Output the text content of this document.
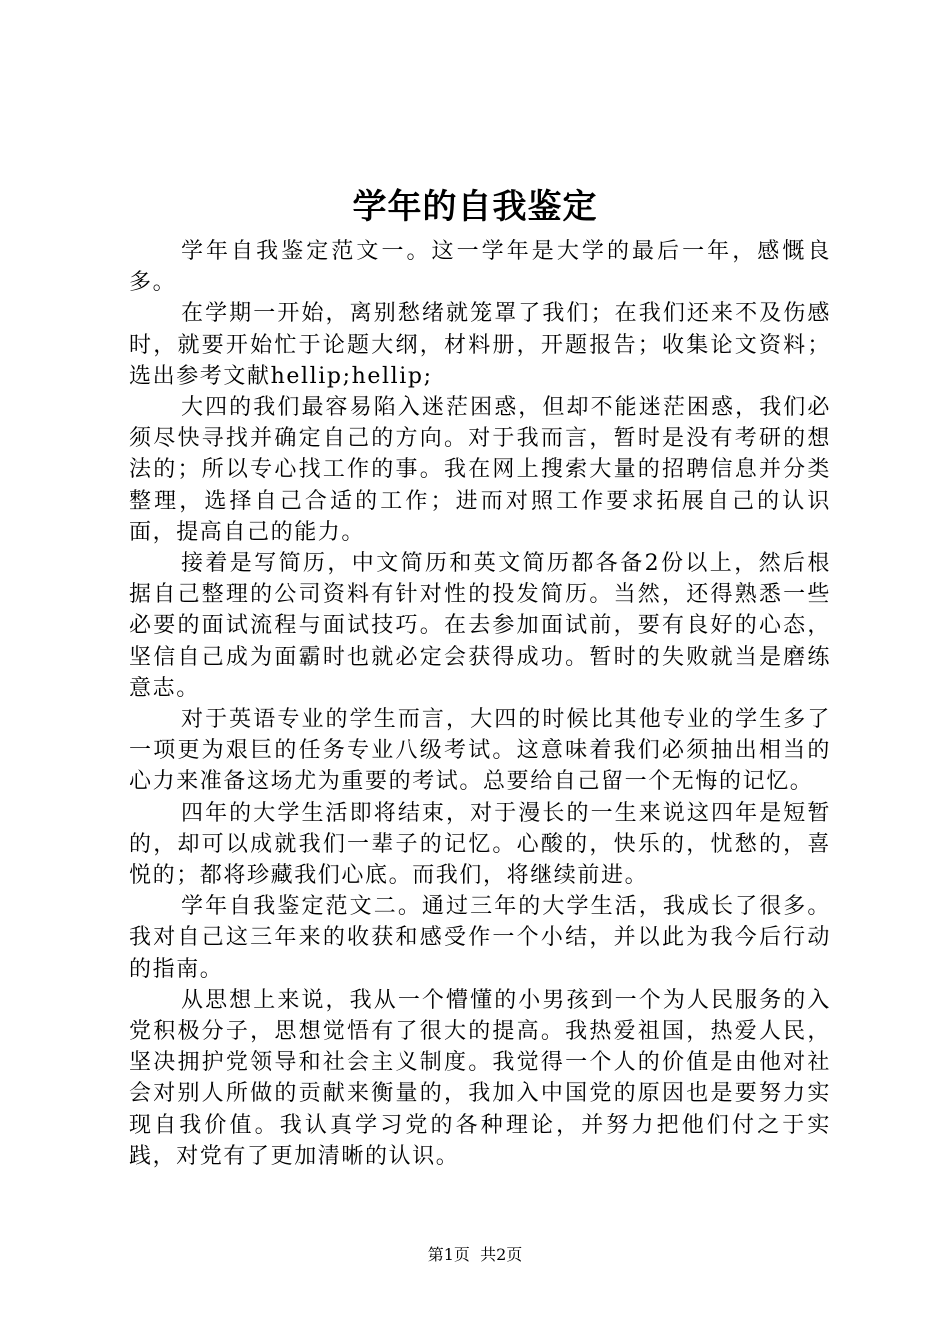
学年的自我鉴定

学年自我鉴定范文一。这一学年是大学的最后一年，感慨良多。

在学期一开始，离别愁绪就笼罩了我们；在我们还来不及伤感时，就要开始忙于论题大纲，材料册，开题报告；收集论文资料；选出参考文献hellip;hellip;

大四的我们最容易陷入迷茫困惑，但却不能迷茫困惑，我们必须尽快寻找并确定自己的方向。对于我而言，暂时是没有考研的想法的；所以专心找工作的事。我在网上搜索大量的招聘信息并分类整理，选择自己合适的工作；进而对照工作要求拓展自己的认识面，提高自己的能力。

接着是写简历，中文简历和英文简历都各备2份以上，然后根据自己整理的公司资料有针对性的投发简历。当然，还得熟悉一些必要的面试流程与面试技巧。在去参加面试前，要有良好的心态，坚信自己成为面霸时也就必定会获得成功。暂时的失败就当是磨练意志。

对于英语专业的学生而言，大四的时候比其他专业的学生多了一项更为艰巨的任务专业八级考试。这意味着我们必须抽出相当的心力来准备这场尤为重要的考试。总要给自己留一个无悔的记忆。

四年的大学生活即将结束，对于漫长的一生来说这四年是短暂的，却可以成就我们一辈子的记忆。心酸的，快乐的，忧愁的，喜悦的；都将珍藏我们心底。而我们，将继续前进。

学年自我鉴定范文二。通过三年的大学生活，我成长了很多。我对自己这三年来的收获和感受作一个小结，并以此为我今后行动的指南。

从思想上来说，我从一个懵懂的小男孩到一个为人民服务的入党积极分子，思想觉悟有了很大的提高。我热爱祖国，热爱人民，坚决拥护党领导和社会主义制度。我觉得一个人的价值是由他对社会对别人所做的贡献来衡量的，我加入中国党的原因也是要努力实现自我价值。我认真学习党的各种理论，并努力把他们付之于实践，对党有了更加清晰的认识。

第1页 共2页
